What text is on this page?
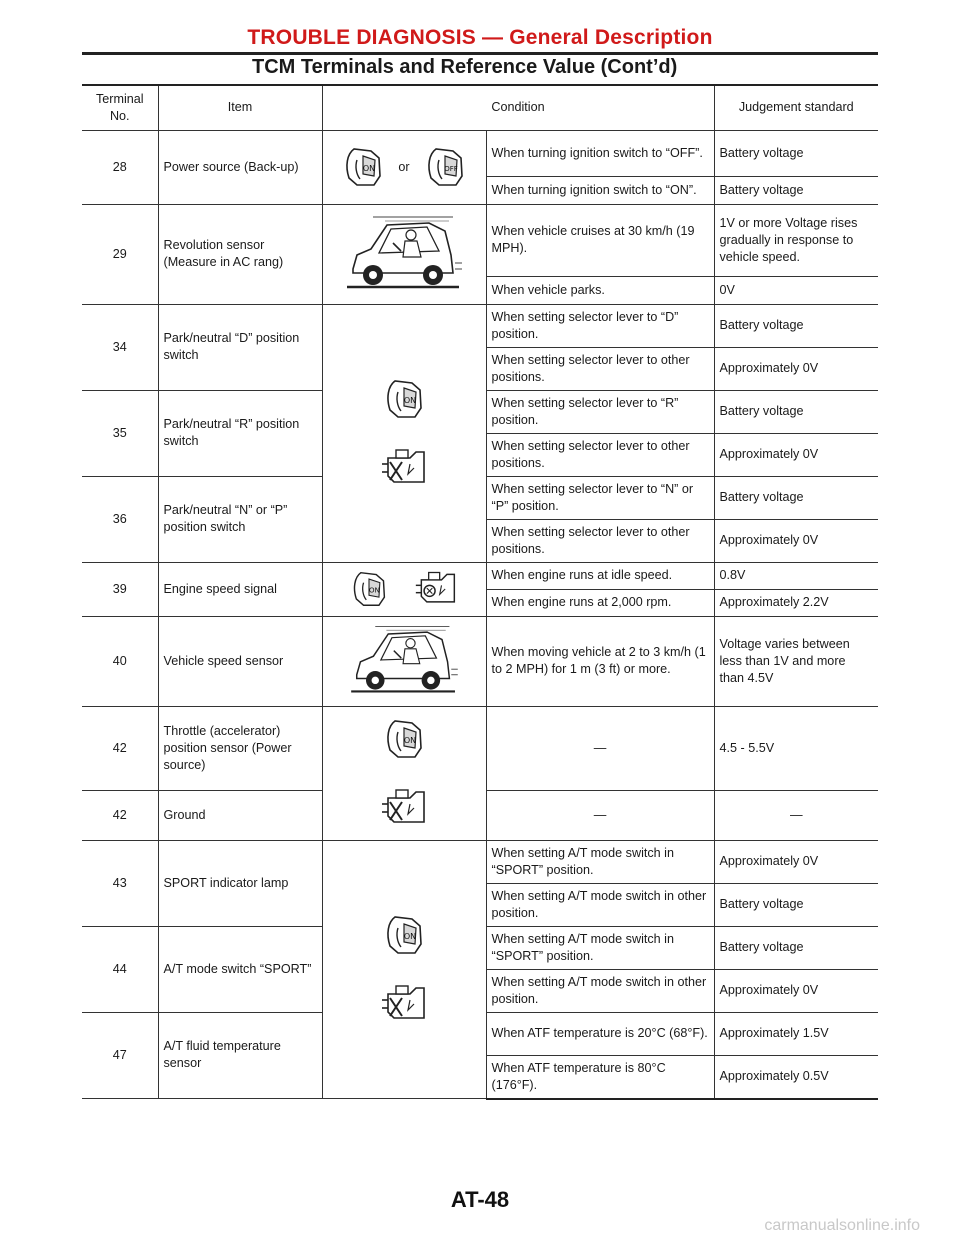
TROUBLE DIAGNOSIS — General Description
TCM Terminals and Reference Value (Cont’d)
Terminal No.	Item	Condition		Judgement standard
28	Power source (Back-up)	ON or OFF	When turning ignition switch to “OFF”.	Battery voltage
			When turning ignition switch to “ON”.	Battery voltage
29	Revolution sensor (Measure in AC rang)		When vehicle cruises at 30 km/h (19 MPH).	1V or more Voltage rises gradually in response to vehicle speed.
			When vehicle parks.	0V
34	Park/neutral “D” position switch	ON	When setting selector lever to “D” position.	Battery voltage
			When setting selector lever to other positions.	Approximately 0V
35	Park/neutral “R” position switch		When setting selector lever to “R” position.	Battery voltage
			When setting selector lever to other positions.	Approximately 0V
36	Park/neutral “N” or “P” position switch		When setting selector lever to “N” or “P” position.	Battery voltage
			When setting selector lever to other positions.	Approximately 0V
39	Engine speed signal	ON	When engine runs at idle speed.	0.8V
			When engine runs at 2,000 rpm.	Approximately 2.2V
40	Vehicle speed sensor		When moving vehicle at 2 to 3 km/h (1 to 2 MPH) for 1 m (3 ft) or more.	Voltage varies between less than 1V and more than 4.5V
42	Throttle (accelerator) position sensor (Power source)	ON	—	4.5 - 5.5V
42	Ground		—	—
43	SPORT indicator lamp	ON	When setting A/T mode switch in “SPORT” position.	Approximately 0V
			When setting A/T mode switch in other position.	Battery voltage
44	A/T mode switch “SPORT”		When setting A/T mode switch in “SPORT” position.	Battery voltage
			When setting A/T mode switch in other position.	Approximately 0V
47	A/T fluid temperature sensor		When ATF temperature is 20°C (68°F).	Approximately 1.5V
			When ATF temperature is 80°C (176°F).	Approximately 0.5V
AT-48
carmanualsonline.info
